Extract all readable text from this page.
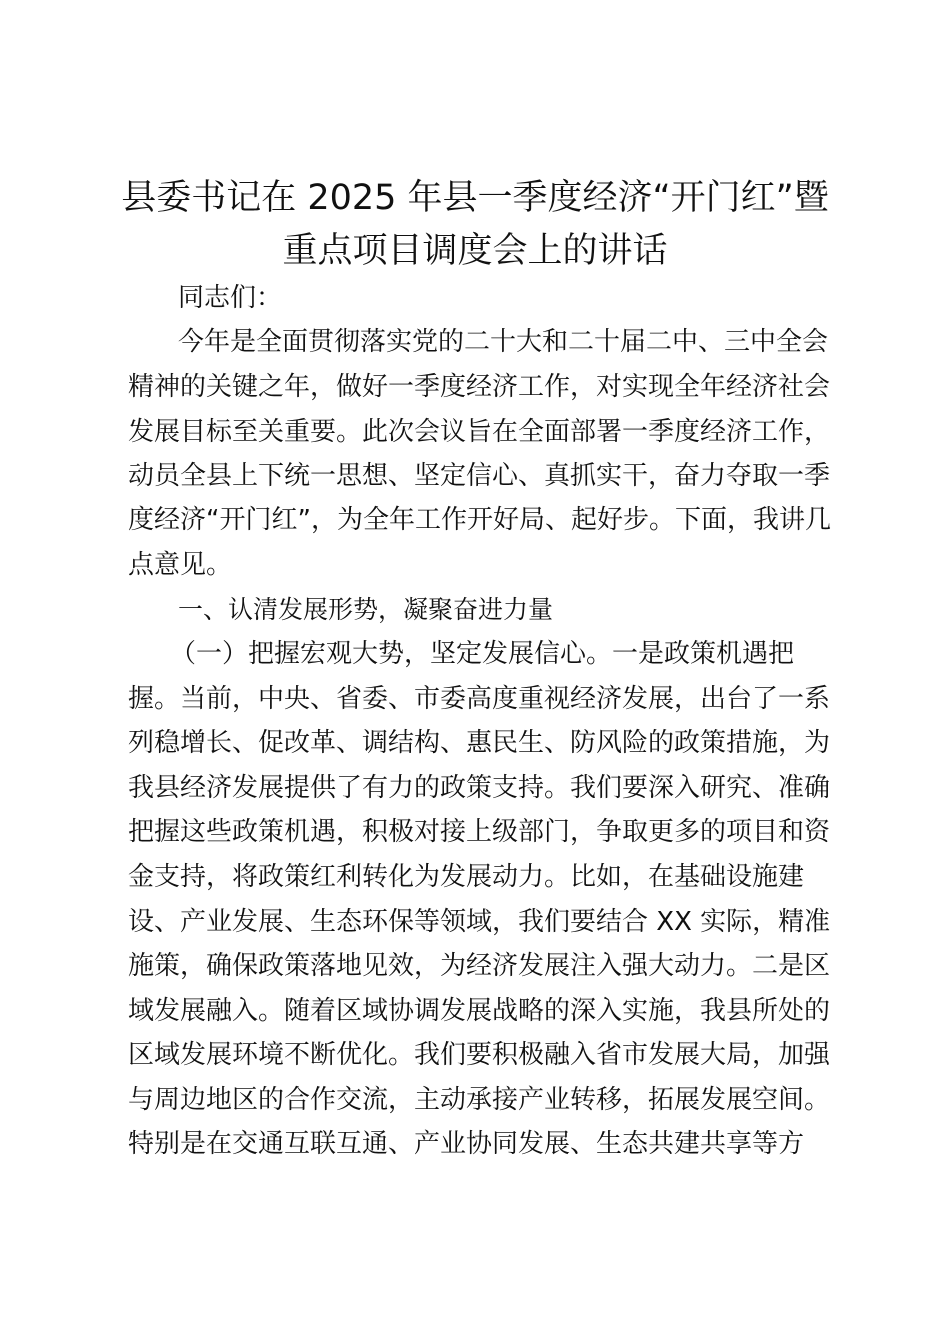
县委书记在 2025 年县一季度经济“开门红”暨
重点项目调度会上的讲话

同志们：

今年是全面贯彻落实党的二十大和二十届二中、三中全会

精神的关键之年，做好一季度经济工作，对实现全年经济社会

发展目标至关重要。此次会议旨在全面部署一季度经济工作，

动员全县上下统一思想、坚定信心、真抓实干，奋力夺取一季

度经济“开门红”，为全年工作开好局、起好步。下面，我讲几

点意见。

一、认清发展形势，凝聚奋进力量

（一）把握宏观大势，坚定发展信心。一是政策机遇把

握。当前，中央、省委、市委高度重视经济发展，出台了一系

列稳增长、促改革、调结构、惠民生、防风险的政策措施，为

我县经济发展提供了有力的政策支持。我们要深入研究、准确

把握这些政策机遇，积极对接上级部门，争取更多的项目和资

金支持，将政策红利转化为发展动力。比如，在基础设施建

设、产业发展、生态环保等领域，我们要结合 XX 实际，精准

施策，确保政策落地见效，为经济发展注入强大动力。二是区

域发展融入。随着区域协调发展战略的深入实施，我县所处的

区域发展环境不断优化。我们要积极融入省市发展大局，加强

与周边地区的合作交流，主动承接产业转移，拓展发展空间。

特别是在交通互联互通、产业协同发展、生态共建共享等方
